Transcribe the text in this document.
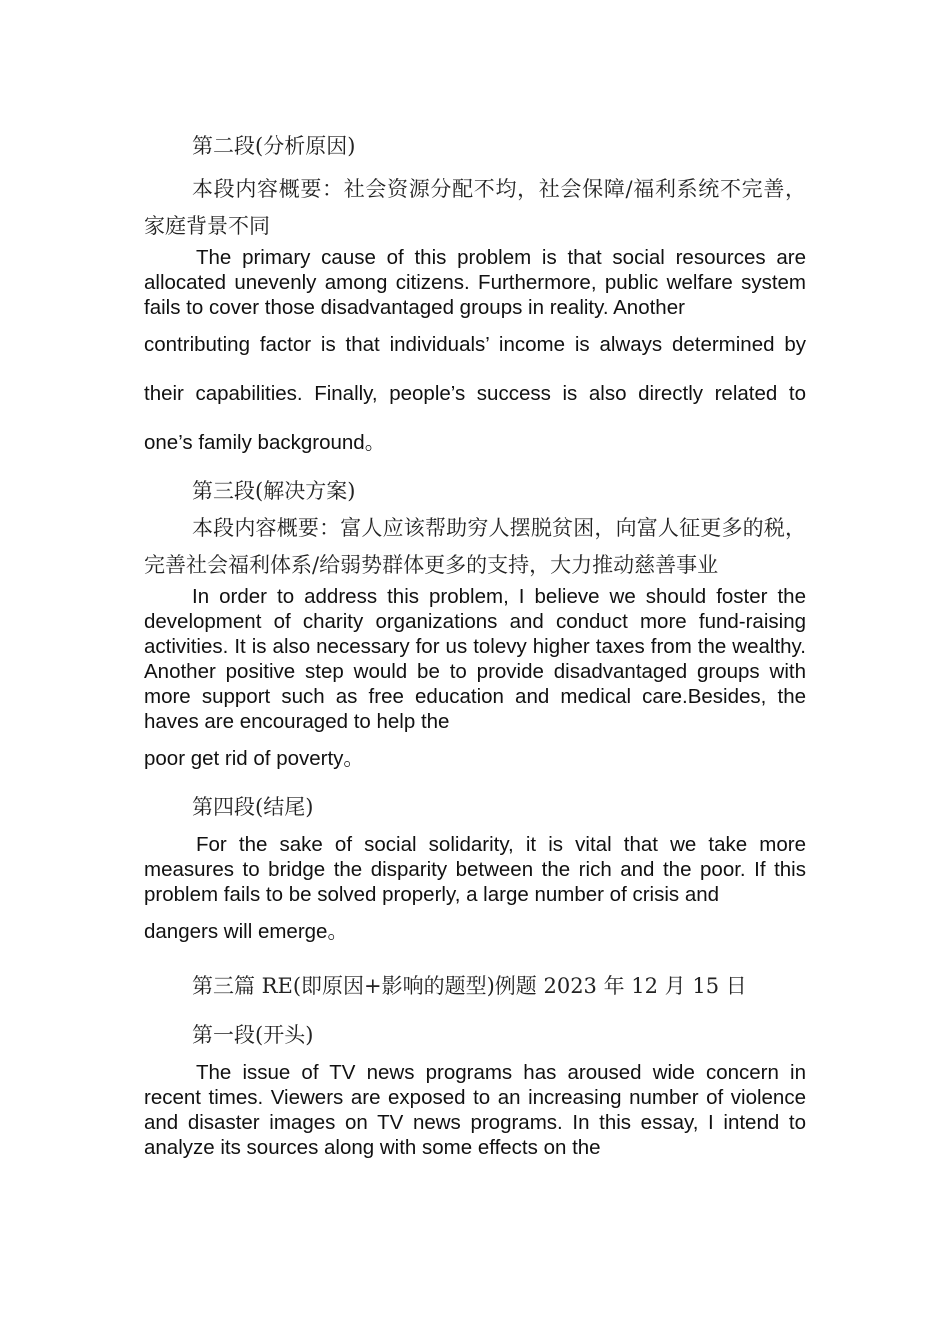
第二段(分析原因)

本段内容概要：社会资源分配不均，社会保障/福利系统不完善，家庭背景不同

The primary cause of this problem is that social resources are allocated unevenly among citizens. Furthermore, public welfare system fails to cover those disadvantaged groups in reality. Another

contributing factor is that individuals’ income is always determined by their capabilities. Finally, people’s success is also directly related to one’s family background。

第三段(解决方案)

本段内容概要：富人应该帮助穷人摆脱贫困，向富人征更多的税，完善社会福利体系/给弱势群体更多的支持，大力推动慈善事业

In order to address this problem, I believe we should foster the development of charity organizations and conduct more fund-raising activities. It is also necessary for us tolevy higher taxes from the wealthy. Another positive step would be to provide disadvantaged groups with more support such as free education and medical care.Besides, the haves are encouraged to help the

poor get rid of poverty。

第四段(结尾)

For the sake of social solidarity, it is vital that we take more measures to bridge the disparity between the rich and the poor. If this problem fails to be solved properly, a large number of crisis and

dangers will emerge。

第三篇 RE(即原因+影响的题型)例题 2023 年 12 月 15 日

第一段(开头)

The issue of TV news programs has aroused wide concern in recent times. Viewers are exposed to an increasing number of violence and disaster images on TV news programs. In this essay, I intend to analyze its sources along with some effects on the
